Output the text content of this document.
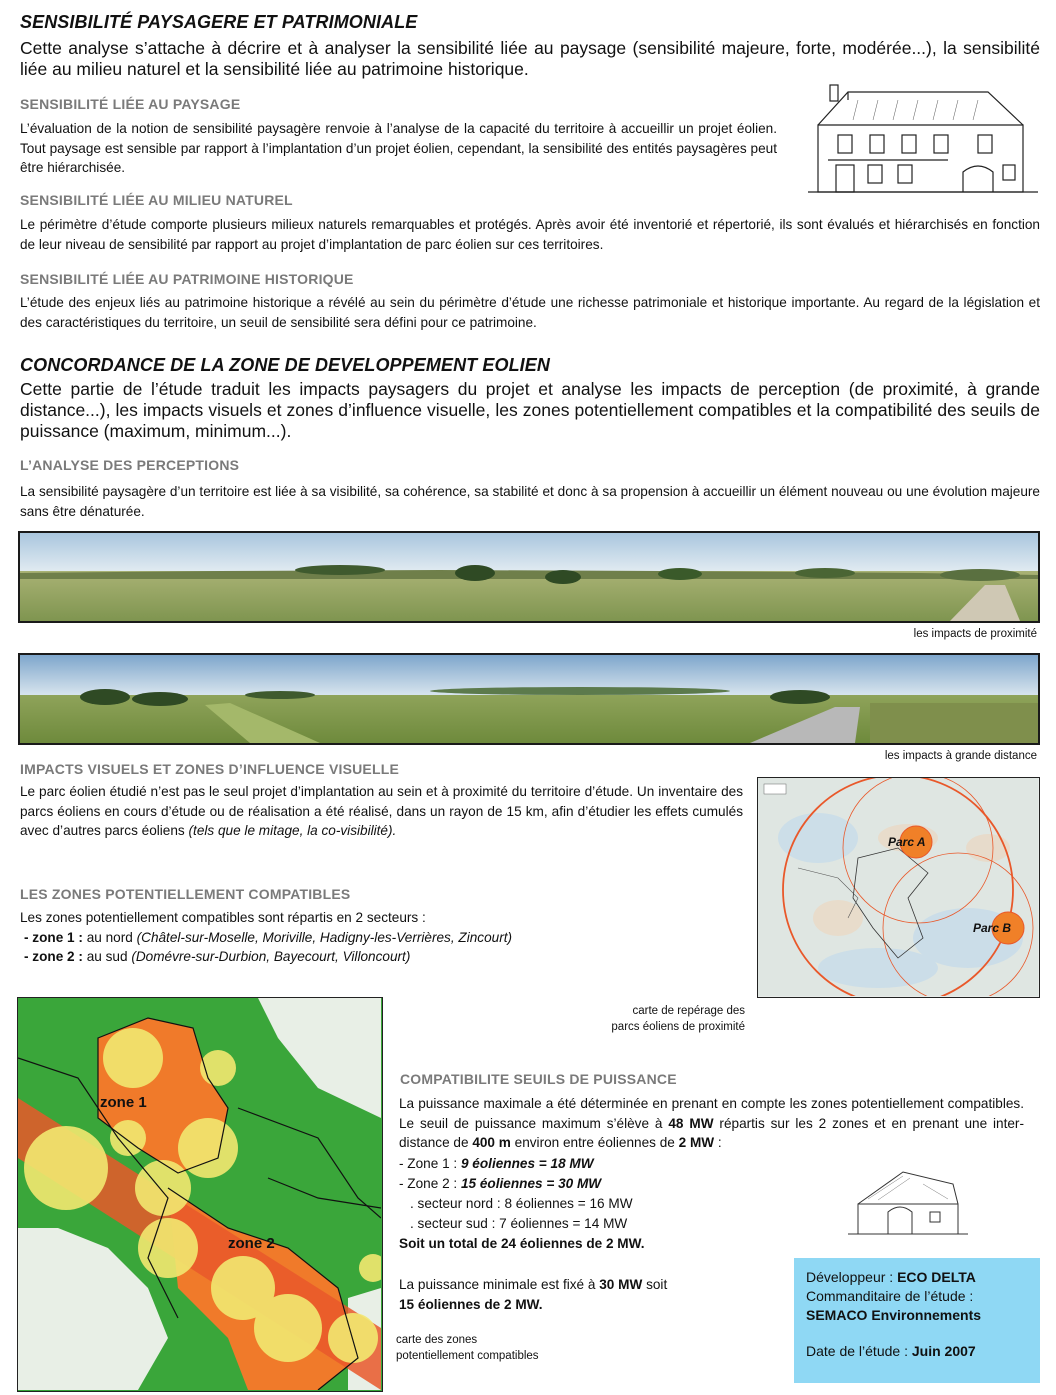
SENSIBILITÉ PAYSAGERE ET PATRIMONIALE
Cette analyse s’attache à décrire et à analyser la sensibilité liée au paysage (sensibilité majeure, forte, modérée...), la sensibilité liée au milieu naturel et la sensibilité liée au patrimoine historique.
SENSIBILITÉ LIÉE AU PAYSAGE
L’évaluation de la notion de sensibilité paysagère renvoie à l’analyse de la capacité du territoire à accueillir un projet éolien. Tout paysage est sensible par rapport à l’implantation d’un projet éolien, cependant, la sensibilité des entités paysagères peut être hiérarchisée.
SENSIBILITÉ LIÉE AU MILIEU NATUREL
Le périmètre d’étude comporte plusieurs milieux naturels remarquables et protégés. Après avoir été inventorié et répertorié, ils sont évalués et hiérarchisés en fonction de leur niveau de sensibilité par rapport au projet d’implantation de parc éolien sur ces territoires.
SENSIBILITÉ LIÉE AU PATRIMOINE HISTORIQUE
L’étude des enjeux liés au patrimoine historique a révélé au sein du périmètre d’étude une richesse patrimoniale et historique importante. Au regard de la législation et des caractéristiques du territoire, un seuil de sensibilité sera défini pour ce patrimoine.
CONCORDANCE DE LA ZONE DE DEVELOPPEMENT EOLIEN
Cette partie de l’étude traduit les impacts paysagers du projet et analyse les impacts de perception (de proximité, à grande distance...), les impacts visuels et zones d’influence visuelle, les zones potentiellement compatibles et la compatibilité des seuils de puissance (maximum, minimum...).
L’ANALYSE DES PERCEPTIONS
La sensibilité paysagère d’un territoire est liée à sa visibilité, sa cohérence, sa stabilité et donc à sa propension à accueillir un élément nouveau ou une évolution majeure sans être dénaturée.
les impacts de proximité
les impacts à grande distance
IMPACTS VISUELS ET ZONES D’INFLUENCE VISUELLE
Le parc éolien étudié n’est pas le seul projet d’implantation au sein et à proximité du territoire d’étude. Un inventaire des parcs éoliens en cours d’étude ou de réalisation a été réalisé, dans un rayon de 15 km, afin d’étudier les effets cumulés avec d’autres parcs éoliens (tels que le mitage, la co-visibilité).
LES ZONES POTENTIELLEMENT COMPATIBLES
Les zones potentiellement compatibles sont répartis en 2 secteurs :
- zone 1 : au nord (Châtel-sur-Moselle, Moriville, Hadigny-les-Verrières, Zincourt)
- zone 2 : au sud (Domévre-sur-Durbion, Bayecourt, Villoncourt)
Parc A
Parc B
carte de repérage des
parcs éoliens de proximité
zone 1
zone 2
carte des zones
potentiellement compatibles
COMPATIBILITE SEUILS DE PUISSANCE
La puissance maximale a été déterminée en prenant en compte les zones potentiellement compatibles. Le seuil de puissance maximum s’élève à 48 MW répartis sur les 2 zones et en prenant une inter-distance de 400 m environ entre éoliennes de 2 MW :
- Zone 1 : 9 éoliennes = 18 MW
- Zone 2 : 15 éoliennes = 30 MW
. secteur nord : 8 éoliennes = 16 MW
. secteur sud : 7 éoliennes = 14 MW
Soit un total de 24 éoliennes de 2 MW.
La puissance minimale est fixé à 30 MW soit
15 éoliennes de 2 MW.
Développeur : ECO DELTA
Commanditaire de l’étude :
SEMACO Environnements
Date de l’étude : Juin 2007
